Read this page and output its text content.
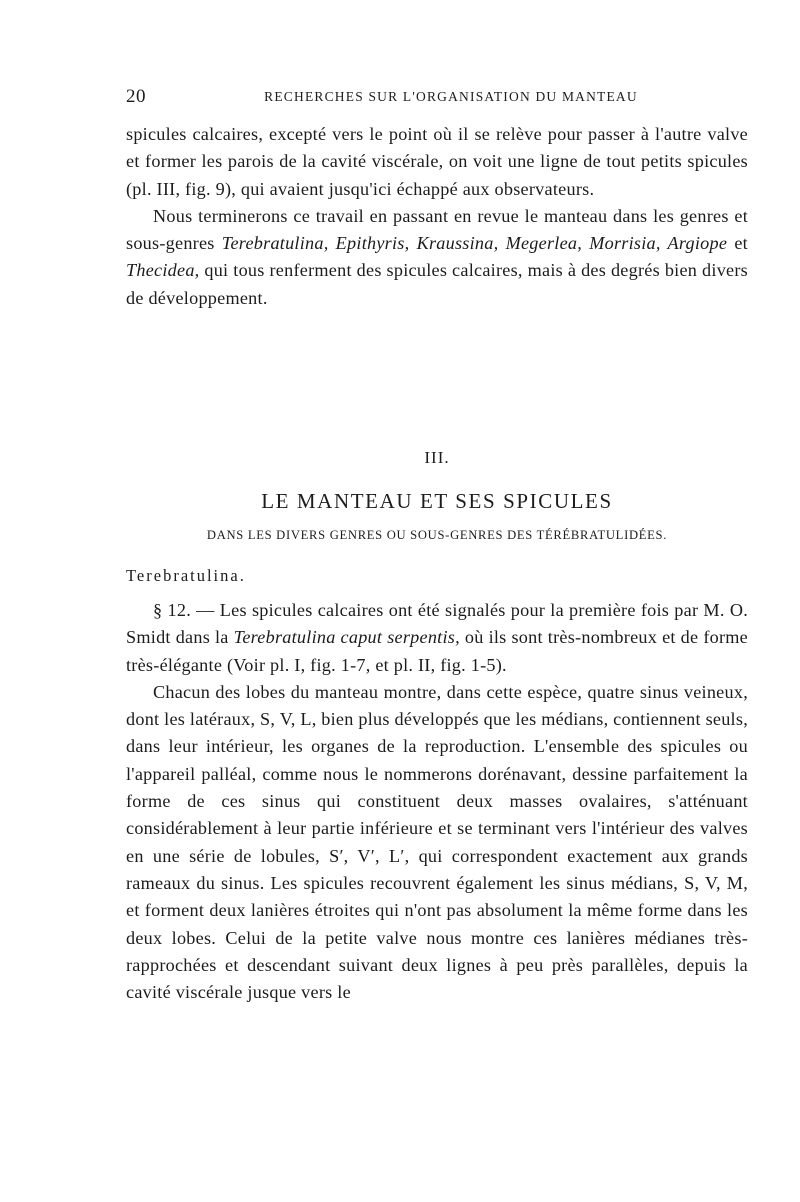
20	RECHERCHES SUR L'ORGANISATION DU MANTEAU

spicules calcaires, excepté vers le point où il se relève pour passer à l'autre valve et former les parois de la cavité viscérale, on voit une ligne de tout petits spicules (pl. III, fig. 9), qui avaient jusqu'ici échappé aux observateurs.

Nous terminerons ce travail en passant en revue le manteau dans les genres et sous-genres Terebratulina, Epithyris, Kraussina, Megerlea, Morrisia, Argiope et Thecidea, qui tous renferment des spicules calcaires, mais à des degrés bien divers de développement.

III.
LE MANTEAU ET SES SPICULES
DANS LES DIVERS GENRES OU SOUS-GENRES DES TÉRÉBRATULIDÉES.
Terebratulina.

§ 12. — Les spicules calcaires ont été signalés pour la première fois par M. O. Smidt dans la Terebratulina caput serpentis, où ils sont très-nombreux et de forme très-élégante (Voir pl. I, fig. 1-7, et pl. II, fig. 1-5).

Chacun des lobes du manteau montre, dans cette espèce, quatre sinus veineux, dont les latéraux, S, V, L, bien plus développés que les médians, contiennent seuls, dans leur intérieur, les organes de la reproduction. L'ensemble des spicules ou l'appareil palléal, comme nous le nommerons dorénavant, dessine parfaitement la forme de ces sinus qui constituent deux masses ovalaires, s'atténuant considérablement à leur partie inférieure et se terminant vers l'intérieur des valves en une série de lobules, S′, V′, L′, qui correspondent exactement aux grands rameaux du sinus. Les spicules recouvrent également les sinus médians, S, V, M, et forment deux lanières étroites qui n'ont pas absolument la même forme dans les deux lobes. Celui de la petite valve nous montre ces lanières médianes très-rapprochées et descendant suivant deux lignes à peu près parallèles, depuis la cavité viscérale jusque vers le
